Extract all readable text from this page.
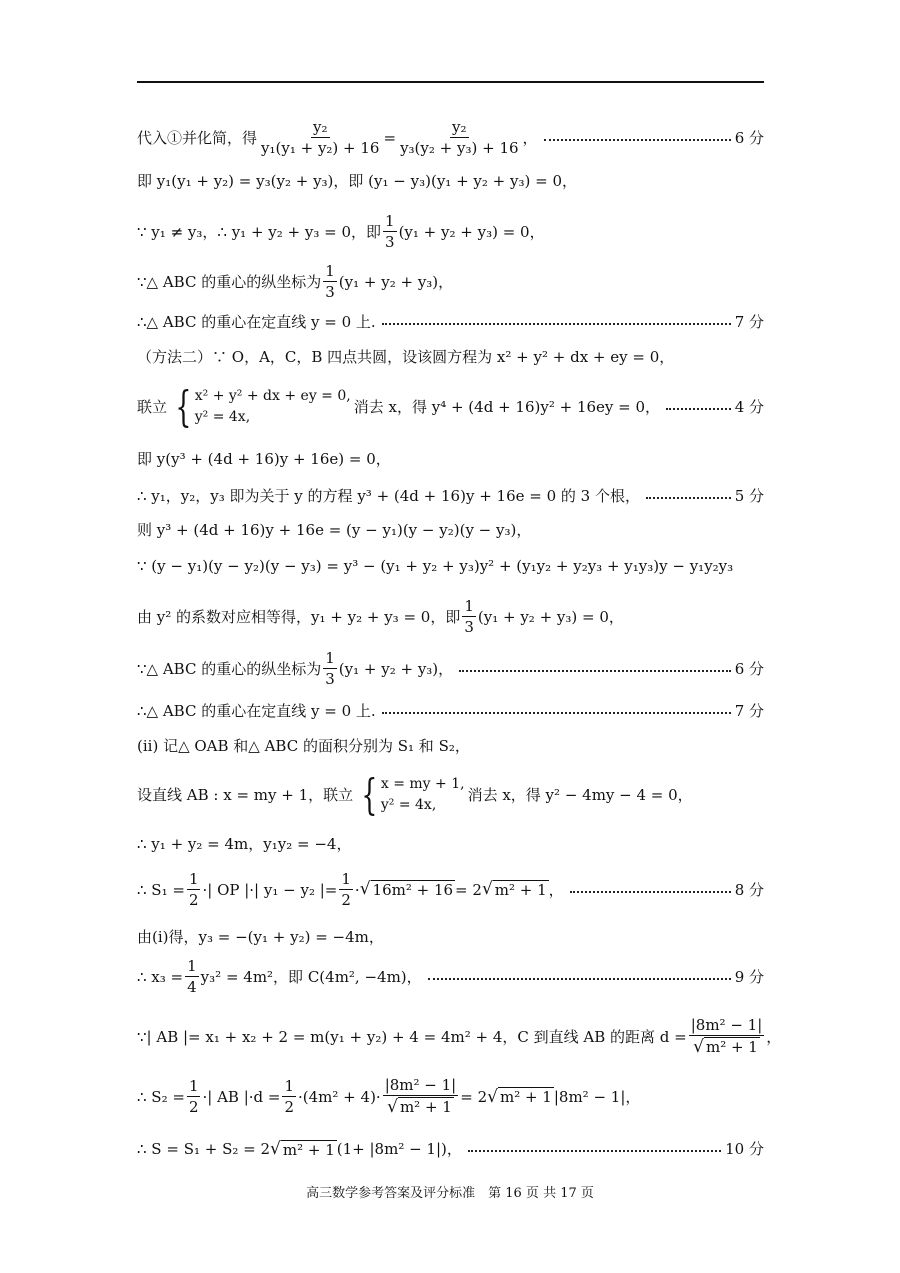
代入①并化简，得 $\frac{\text{y₂}}{\text{y₁(y₁ + y₂) + 16}} = \frac{\text{y₂}}{\text{y₃(y₂ + y₃) + 16}}$ ，	6 分
即 y₁(y₁ + y₂) = y₃(y₂ + y₃)，即 (y₁ − y₃)(y₁ + y₂ + y₃) = 0，
∵ y₁ ≠ y₃，∴ y₁ + y₂ + y₃ = 0，即 $\frac{1}{3} (y_1 + y_2 + y_3) = 0$，
∵△ ABC 的重心的纵坐标为 $\frac{1}{3} (y_1 + y_2 + y_3)$，
∴△ ABC 的重心在定直线 y = 0 上.	7 分
（方法二）∵ O，A，C，B 四点共圆，设该圆方程为 x² + y² + dx + ey = 0，
联立 { x² + y² + dx + ey = 0,
y² = 4x,
消去 x，得 y⁴ + (4d + 16)y² + 16ey = 0，	4 分
即 y(y³ + (4d + 16)y + 16e) = 0，
∴ y₁，y₂，y₃ 即为关于 y 的方程 y³ + (4d + 16)y + 16e = 0 的 3 个根，	5 分
则 y³ + (4d + 16)y + 16e = (y − y₁)(y − y₂)(y − y₃)，
∵ (y − y₁)(y − y₂)(y − y₃) = y³ − (y₁ + y₂ + y₃)y² + (y₁y₂ + y₂y₃ + y₁y₃)y − y₁y₂y₃
由 y² 的系数对应相等得，y₁ + y₂ + y₃ = 0，即 $\frac{1}{3} (y_1 + y_2 + y_3) = 0$，
∵△ ABC 的重心的纵坐标为 $\frac{1}{3} (y_1 + y_2 + y_3)$，	6 分
∴△ ABC 的重心在定直线 y = 0 上.	7 分
(ii) 记△ OAB 和△ ABC 的面积分别为 S₁ 和 S₂，
设直线 AB : x = my + 1，联立 { x = my + 1,
y² = 4x,
消去 x，得 y² − 4my − 4 = 0，
∴ y₁ + y₂ = 4m，y₁y₂ = −4，
∴ $S_1 = \frac{1}{2}$ ·| OP |·| y₁ − y₂ |= $\frac{1}{2}$ · √ 16m² + 16 = 2 √ m² + 1 ，	8 分
由(i)得，y₃ = −(y₁ + y₂) = −4m，
∴ $x_3 = \frac{1}{4} y_3^2 = 4m^2$，即 C(4m², −4m)，	9 分
∵| AB |= x₁ + x₂ + 2 = m(y₁ + y₂) + 4 = 4m² + 4，C 到直线 AB 的距离 $d = \frac{\text{|8m² − 1|}}{\text{√ m² + 1}}$ ，
∴ $S_2 = \frac{1}{2}$ ·| AB $|\cdot d = \frac{1}{2} \cdot(4m^2 + 4)\cdot \frac{\text{|8m² − 1|}}{\text{√ m² + 1}} = 2$ √ m² + 1 |8m² − 1|，
∴ S = S₁ + S₂ = 2 √ m² + 1 (1+ |8m² − 1|)，	10 分
高三数学参考答案及评分标准　第 16 页 共 17 页
